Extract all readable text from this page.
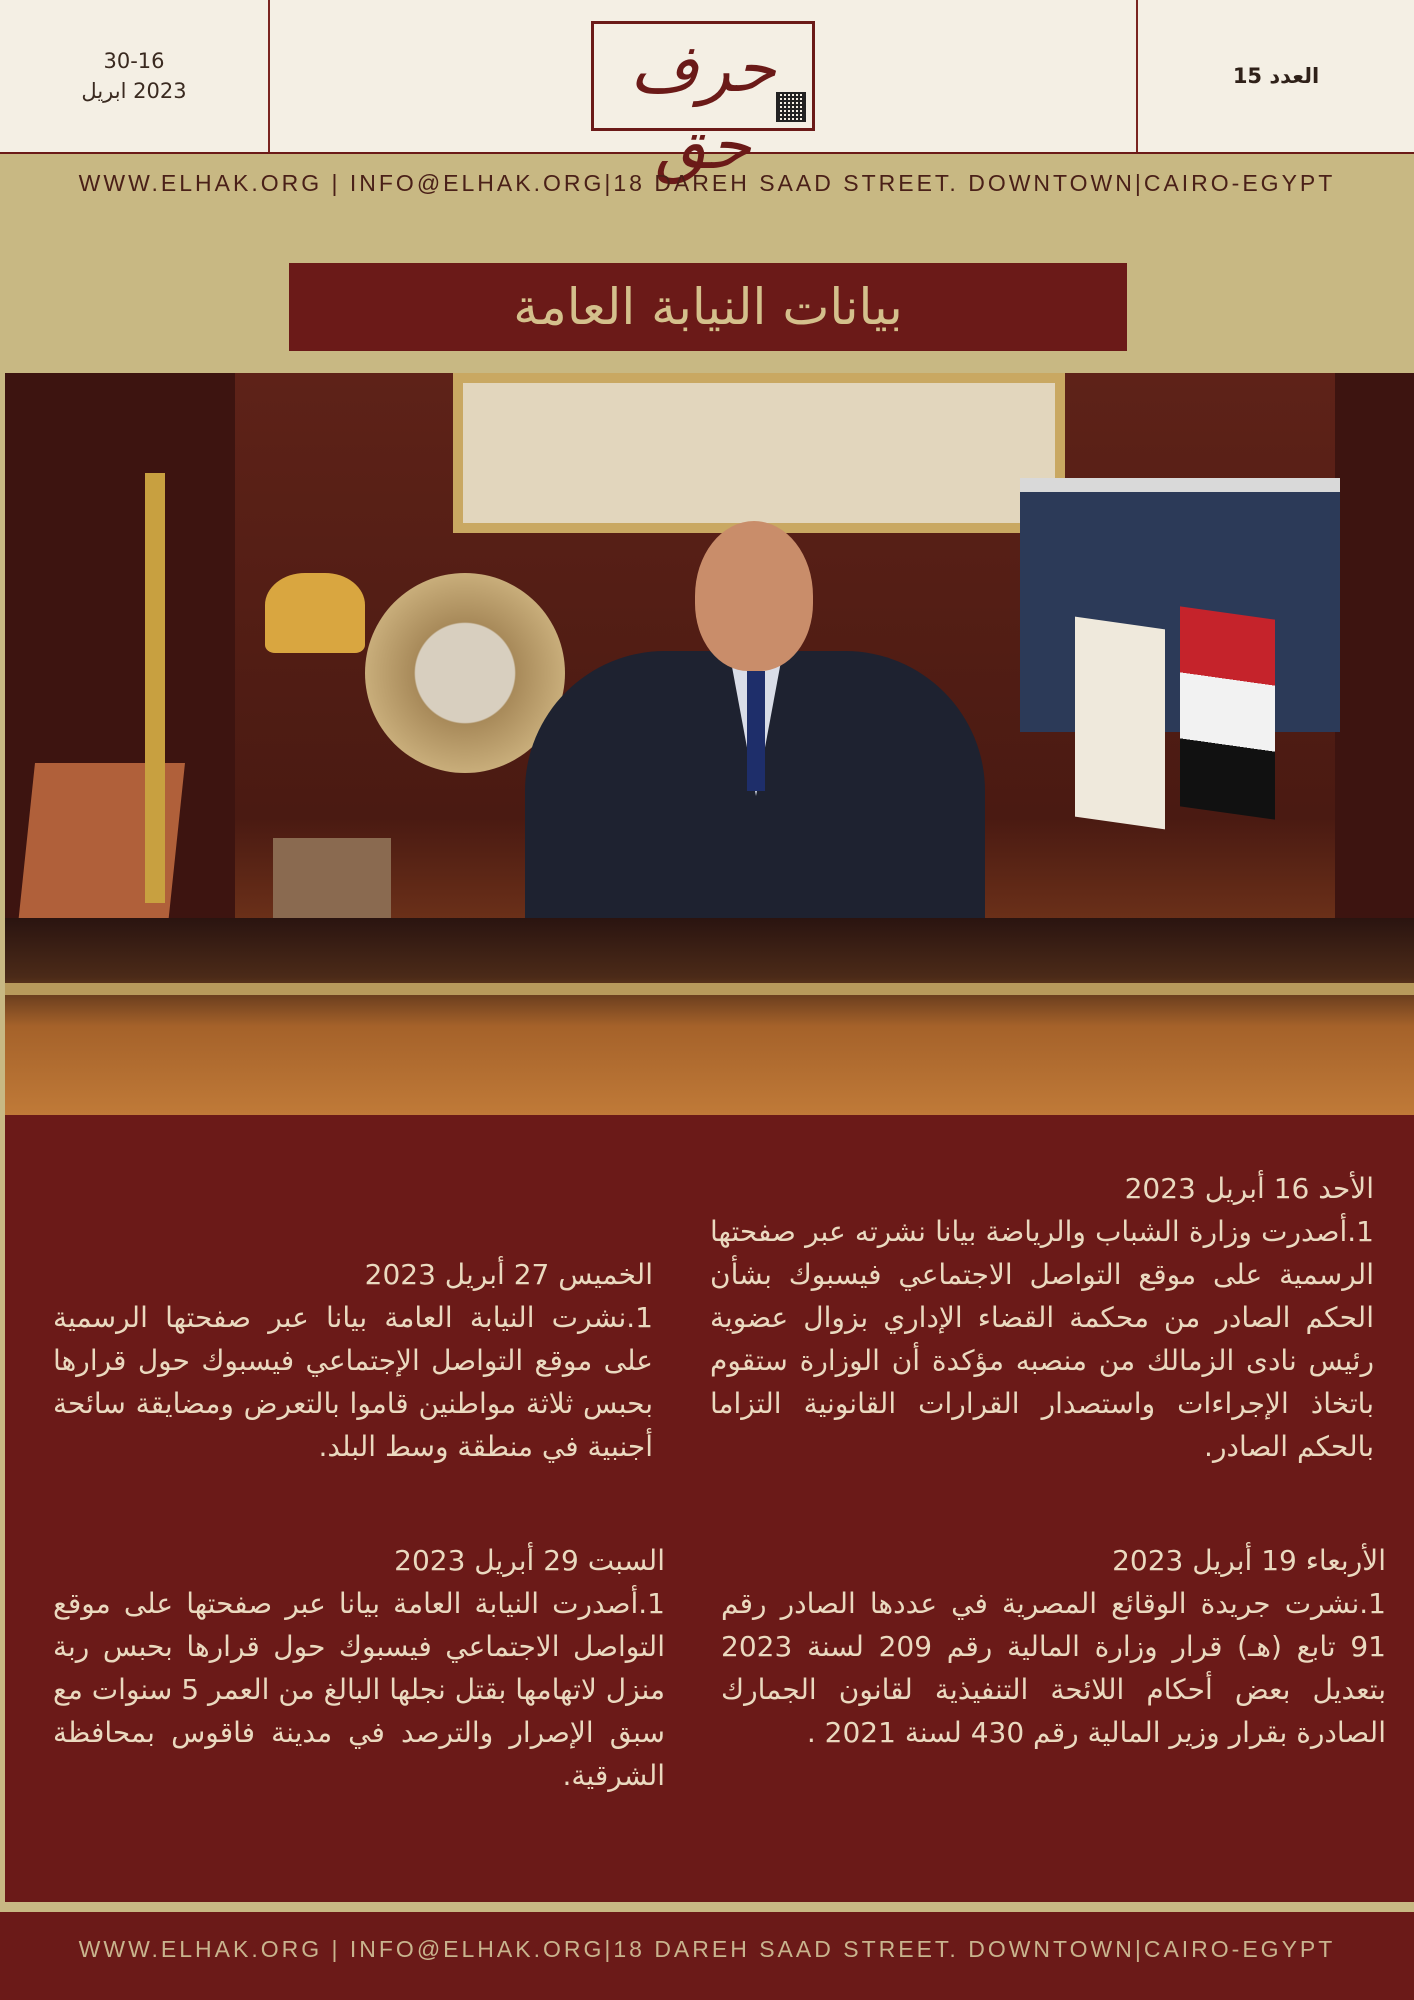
30-16
2023 ابريل	حرف حق
العدد 15
WWW.ELHAK.ORG | INFO@ELHAK.ORG|18 DAREH SAAD STREET. DOWNTOWN|CAIRO-EGYPT
بيانات النيابة العامة
الأحد 16 أبريل 2023
1.أصدرت وزارة الشباب والرياضة بيانا نشرته عبر صفحتها الرسمية على موقع التواصل الاجتماعي فيسبوك بشأن الحكم الصادر من محكمة القضاء الإداري بزوال عضوية رئيس نادى الزمالك من منصبه مؤكدة أن الوزارة ستقوم باتخاذ الإجراءات واستصدار القرارات القانونية التزاما بالحكم الصادر.
الخميس 27 أبريل 2023
1.نشرت النيابة العامة بيانا عبر صفحتها الرسمية على موقع التواصل الإجتماعي فيسبوك حول قرارها بحبس ثلاثة مواطنين قاموا بالتعرض ومضايقة سائحة أجنبية في منطقة وسط البلد.
الأربعاء 19 أبريل 2023
1.نشرت جريدة الوقائع المصرية في عددها الصادر رقم 91 تابع (هـ) قرار وزارة المالية رقم 209 لسنة 2023 بتعديل بعض أحكام اللائحة التنفيذية لقانون الجمارك الصادرة بقرار وزير المالية رقم 430 لسنة 2021 .
السبت 29 أبريل 2023
1.أصدرت النيابة العامة بيانا عبر صفحتها على موقع التواصل الاجتماعي فيسبوك حول قرارها بحبس ربة منزل لاتهامها بقتل نجلها البالغ من العمر 5 سنوات مع سبق الإصرار والترصد في مدينة فاقوس بمحافظة الشرقية.
WWW.ELHAK.ORG | INFO@ELHAK.ORG|18 DAREH SAAD STREET. DOWNTOWN|CAIRO-EGYPT
